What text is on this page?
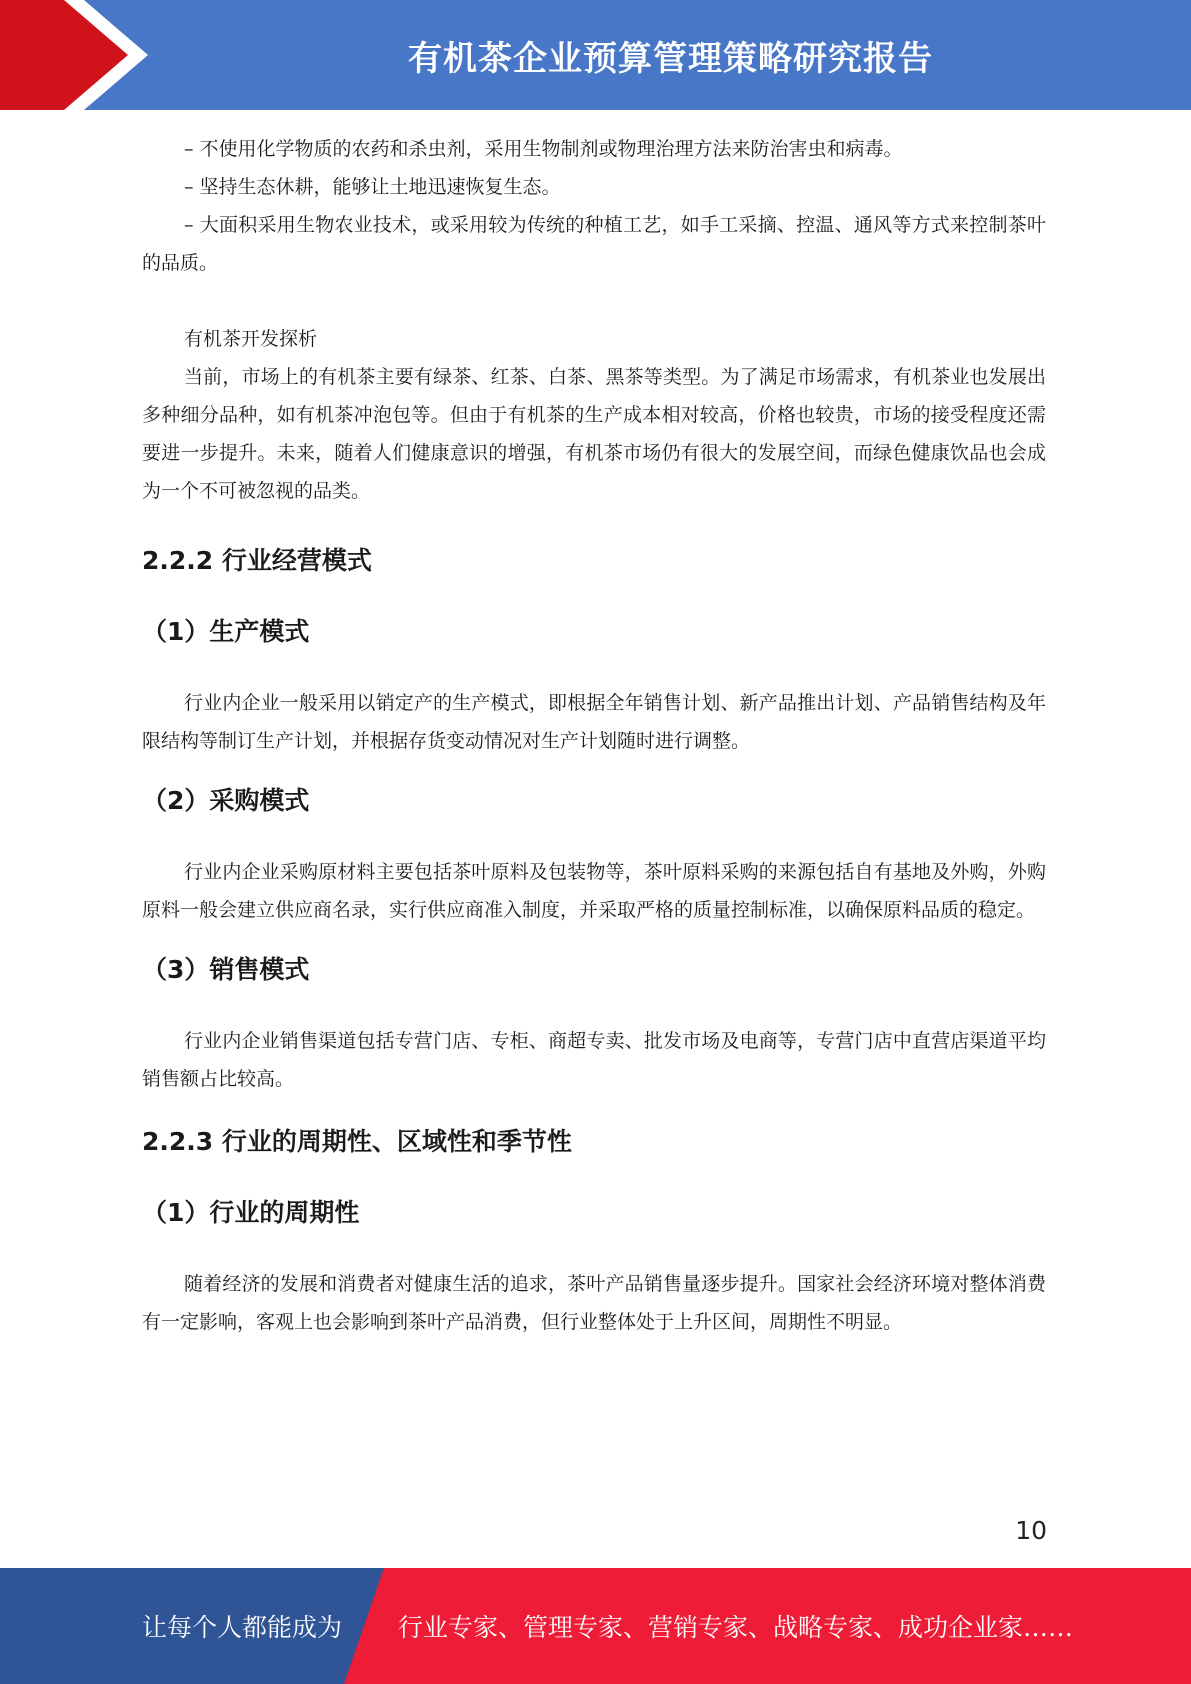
有机茶企业预算管理策略研究报告

– 不使用化学物质的农药和杀虫剂，采用生物制剂或物理治理方法来防治害虫和病毒。

– 坚持生态休耕，能够让土地迅速恢复生态。

– 大面积采用生物农业技术，或采用较为传统的种植工艺，如手工采摘、控温、通风等方式来控制茶叶的品质。

有机茶开发探析

当前，市场上的有机茶主要有绿茶、红茶、白茶、黑茶等类型。为了满足市场需求，有机茶业也发展出多种细分品种，如有机茶冲泡包等。但由于有机茶的生产成本相对较高，价格也较贵，市场的接受程度还需要进一步提升。未来，随着人们健康意识的增强，有机茶市场仍有很大的发展空间，而绿色健康饮品也会成为一个不可被忽视的品类。

2.2.2 行业经营模式
（1）生产模式

行业内企业一般采用以销定产的生产模式，即根据全年销售计划、新产品推出计划、产品销售结构及年限结构等制订生产计划，并根据存货变动情况对生产计划随时进行调整。

（2）采购模式

行业内企业采购原材料主要包括茶叶原料及包装物等，茶叶原料采购的来源包括自有基地及外购，外购原料一般会建立供应商名录，实行供应商准入制度，并采取严格的质量控制标准，以确保原料品质的稳定。

（3）销售模式

行业内企业销售渠道包括专营门店、专柜、商超专卖、批发市场及电商等，专营门店中直营店渠道平均销售额占比较高。

2.2.3 行业的周期性、区域性和季节性
（1）行业的周期性

随着经济的发展和消费者对健康生活的追求，茶叶产品销售量逐步提升。国家社会经济环境对整体消费有一定影响，客观上也会影响到茶叶产品消费，但行业整体处于上升区间，周期性不明显。

10
让每个人都能成为 行业专家、管理专家、营销专家、战略专家、成功企业家……
